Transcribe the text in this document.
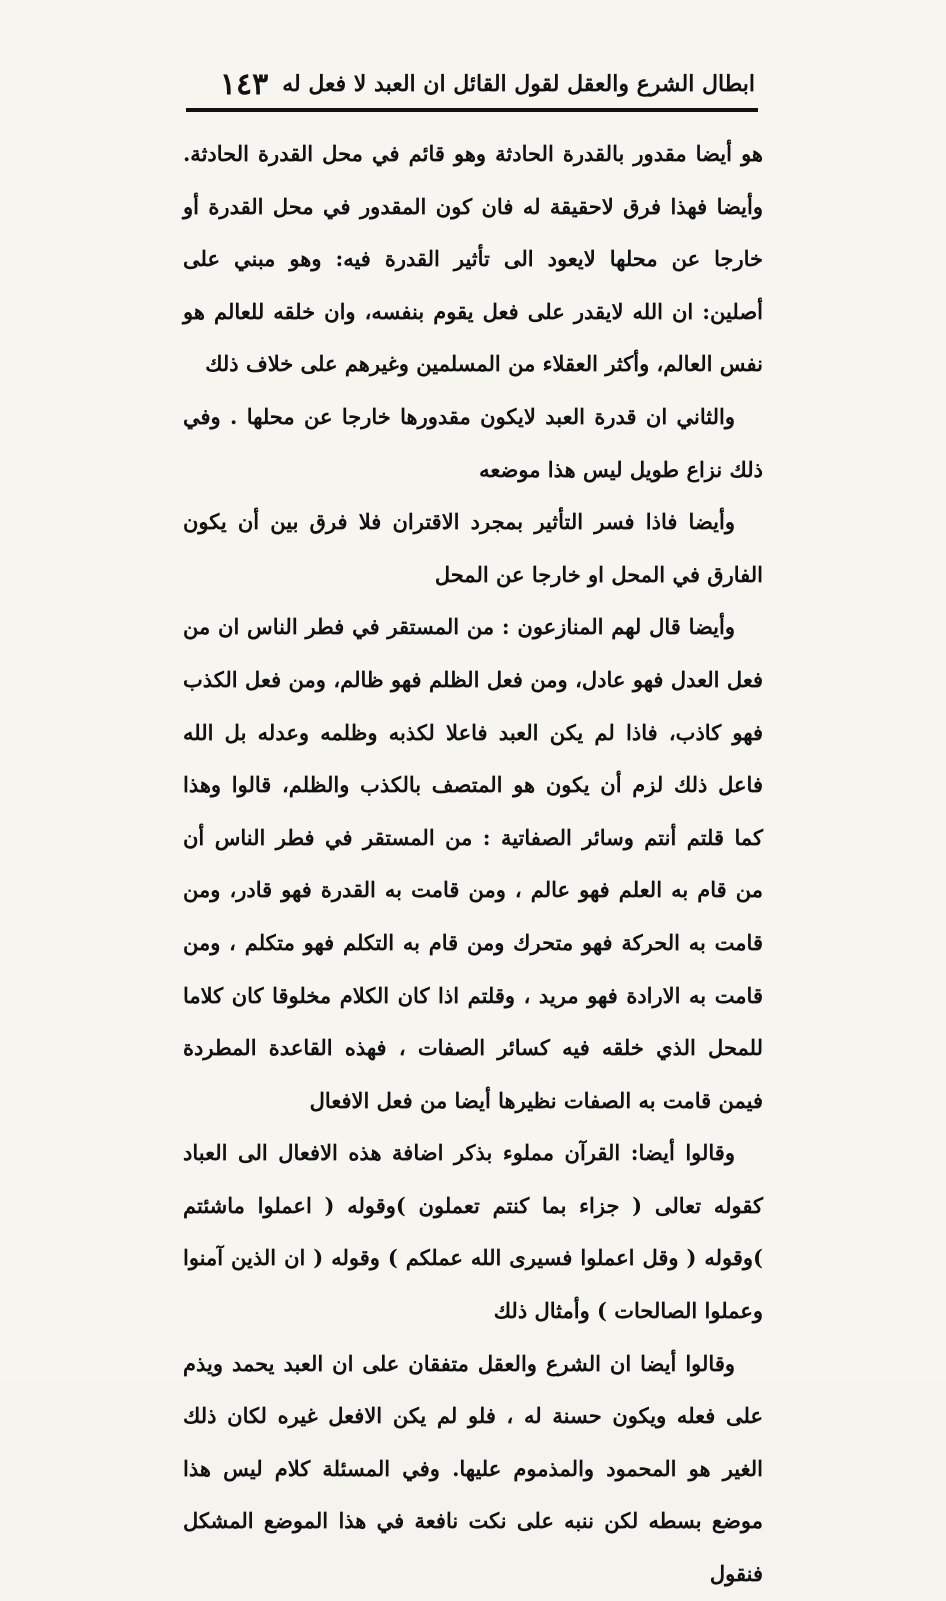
ابطال الشرع والعقل لقول القائل ان العبد لا فعل له
١٤٣

هو أيضا مقدور بالقدرة الحادثة وهو قائم في محل القدرة الحادثة. وأيضا فهذا فرق لاحقيقة له فان كون المقدور في محل القدرة أو خارجا عن محلها لايعود الى تأثير القدرة فيه: وهو مبني على أصلين: ان الله لايقدر على فعل يقوم بنفسه، وان خلقه للعالم هو نفس العالم، وأكثر العقلاء من المسلمين وغيرهم على خلاف ذلك

والثاني ان قدرة العبد لايكون مقدورها خارجا عن محلها . وفي ذلك نزاع طويل ليس هذا موضعه

وأيضا فاذا فسر التأثير بمجرد الاقتران فلا فرق بين أن يكون الفارق في المحل او خارجا عن المحل

وأيضا قال لهم المنازعون : من المستقر في فطر الناس ان من فعل العدل فهو عادل، ومن فعل الظلم فهو ظالم، ومن فعل الكذب فهو كاذب، فاذا لم يكن العبد فاعلا لكذبه وظلمه وعدله بل الله فاعل ذلك لزم أن يكون هو المتصف بالكذب والظلم، قالوا وهذا كما قلتم أنتم وسائر الصفاتية : من المستقر في فطر الناس أن من قام به العلم فهو عالم ، ومن قامت به القدرة فهو قادر، ومن قامت به الحركة فهو متحرك ومن قام به التكلم فهو متكلم ، ومن قامت به الارادة فهو مريد ، وقلتم اذا كان الكلام مخلوقا كان كلاما للمحل الذي خلقه فيه كسائر الصفات ، فهذه القاعدة المطردة فيمن قامت به الصفات نظيرها أيضا من فعل الافعال

وقالوا أيضا: القرآن مملوء بذكر اضافة هذه الافعال الى العباد كقوله تعالى ( جزاء بما كنتم تعملون )وقوله ( اعملوا ماشئتم )وقوله ( وقل اعملوا فسيرى الله عملكم ) وقوله ( ان الذين آمنوا وعملوا الصالحات ) وأمثال ذلك

وقالوا أيضا ان الشرع والعقل متفقان على ان العبد يحمد ويذم على فعله ويكون حسنة له ، فلو لم يكن الافعل غيره لكان ذلك الغير هو المحمود والمذموم عليها. وفي المسئلة كلام ليس هذا موضع بسطه لكن ننبه على نكت نافعة في هذا الموضع المشكل فنقول
